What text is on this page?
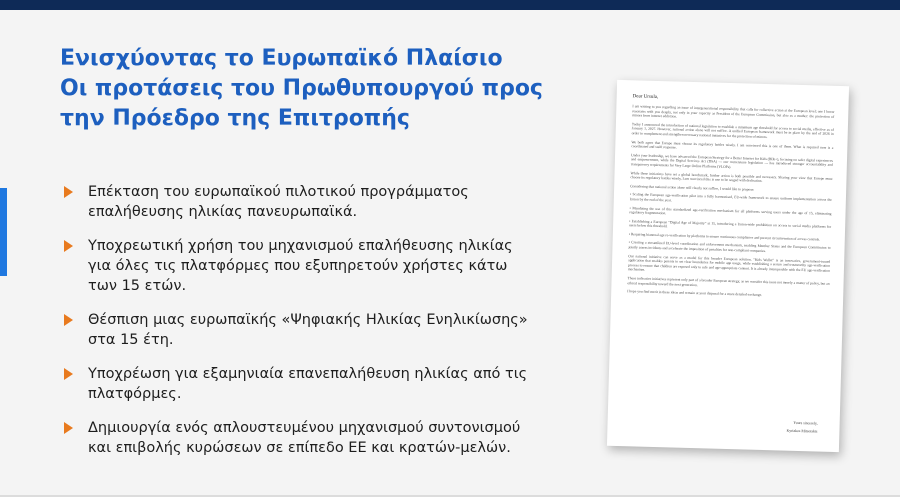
Ενισχύοντας το Ευρωπαϊκό Πλαίσιο
Οι προτάσεις του Πρωθυπουργού προς
την Πρόεδρο της Επιτροπής
Επέκταση του ευρωπαϊκού πιλοτικού προγράμματος
επαλήθευσης ηλικίας πανευρωπαϊκά.
Υποχρεωτική χρήση του μηχανισμού επαλήθευσης ηλικίας
για όλες τις πλατφόρμες που εξυπηρετούν χρήστες κάτω
των 15 ετών.
Θέσπιση μιας ευρωπαϊκής «Ψηφιακής Ηλικίας Ενηλικίωσης»
στα 15 έτη.
Υποχρέωση για εξαμηνιαία επανεπαλήθευση ηλικίας από τις
πλατφόρμες.
Δημιουργία ενός απλουστευμένου μηχανισμού συντονισμού
και επιβολής κυρώσεων σε επίπεδο ΕΕ και κρατών-μελών.
Dear Ursula,

I am writing to you regarding an issue of intergenerational responsibility that calls for collective action at the European level; one I know resonates with you deeply, not only in your capacity as President of the European Commission, but also as a mother: the protection of minors from internet addiction.

Today I announced the introduction of national legislation to establish a minimum age threshold for access to social media, effective as of January 1, 2027. However, national action alone will not suffice. A unified European framework must be in place by the end of 2026 in order to complement and strengthen necessary national initiatives for the protection of minors.

We both agree that Europe must choose its regulatory battles wisely. I am convinced this is one of them. What is required now is a coordinated and swift response.

Under your leadership, we have advanced the European Strategy for a Better Internet for Kids (BIK+), focusing on safer digital experiences and empowerment, while the Digital Services Act (DSA) — our cornerstone legislation — has introduced stronger accountability and transparency requirements for Very Large Online Platforms (VLOPs).

While these initiatives have set a global benchmark, further action is both possible and necessary. Sharing your view that Europe must choose its regulatory battles wisely, I am convinced this is one to be waged with dedication.

Considering that national action alone will clearly not suffice, I would like to propose:

• Scaling the European age-verification pilot into a fully harmonised, EU-wide framework to ensure uniform implementation across the Union by the end of the year.

• Mandating the use of this standardized age-verification mechanism for all platforms serving users under the age of 15, eliminating regulatory fragmentation.

• Establishing a European "Digital Age of Majority" at 15, introducing a Union-wide prohibition on access to social media platforms for users below this threshold.

• Requiring biannual age re-verification by platforms to ensure continuous compliance and prevent circumvention of access controls.

• Creating a streamlined EU-level coordination and enforcement mechanism, enabling Member States and the European Commission to jointly assess incidents and accelerate the imposition of penalties for non-compliant companies.

Our national initiative can serve as a model for this broader European solution. "Kids Wallet" is an innovative, government-issued application that enables parents to set clear boundaries for mobile app usage, while establishing a secure and trustworthy age-verification process to ensure that children are exposed only to safe and age-appropriate content. It is already interoperable with the EU age-verification mechanism.

These indicative initiatives represent only part of a broader European strategy, as we consider this issue not merely a matter of policy, but an ethical responsibility toward the next generation.

I hope you find merit in these ideas and remain at your disposal for a more detailed exchange.

Yours sincerely,
Kyriakos Mitsotakis
